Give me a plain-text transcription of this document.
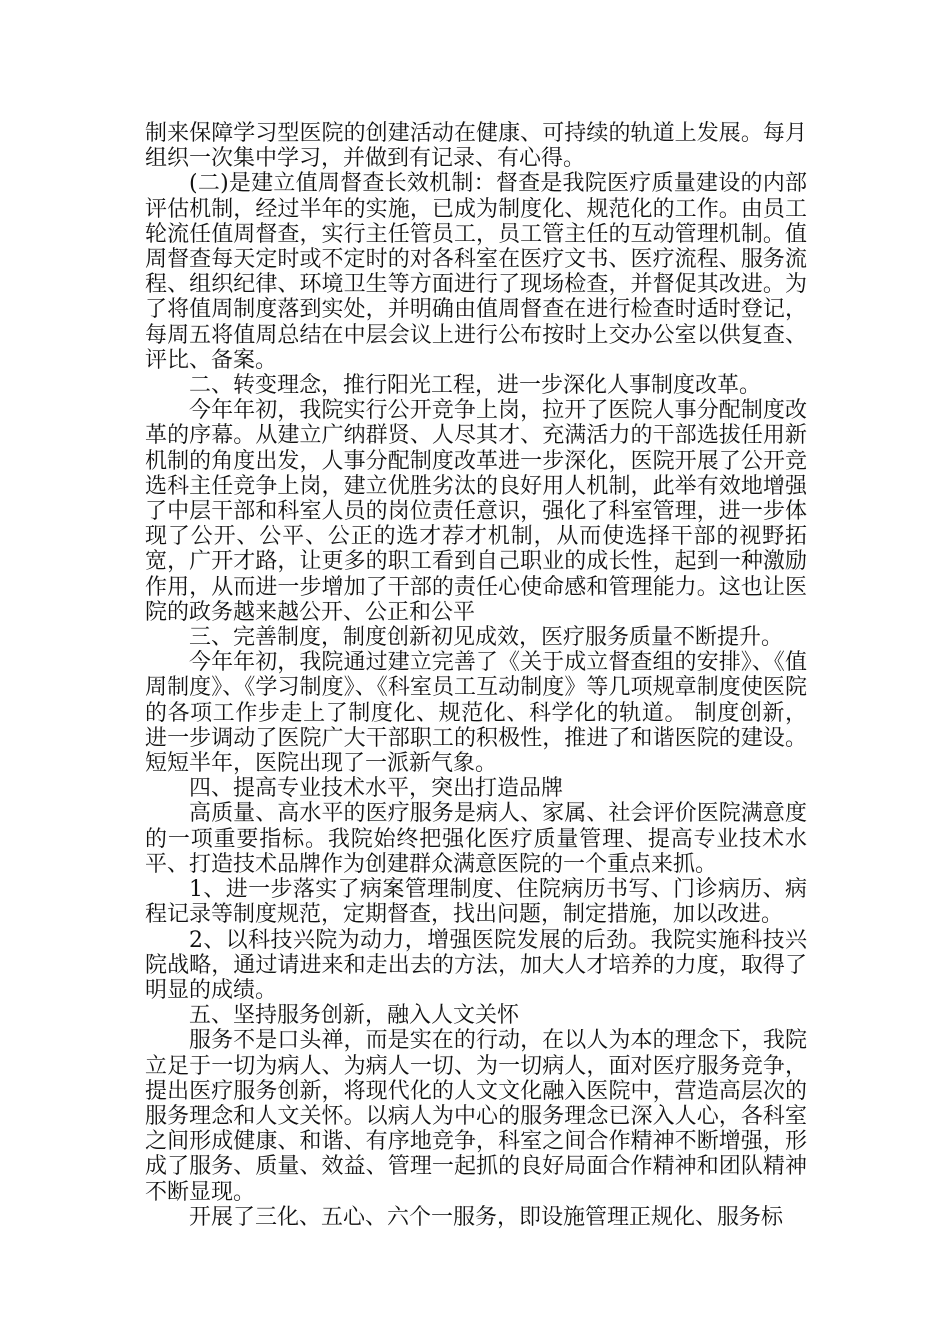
制来保障学习型医院的创建活动在健康、可持续的轨道上发展。每月组织一次集中学习，并做到有记录、有心得。

(二)是建立值周督查长效机制：督查是我院医疗质量建设的内部评估机制，经过半年的实施，已成为制度化、规范化的工作。由员工轮流任值周督查，实行主任管员工，员工管主任的互动管理机制。值周督查每天定时或不定时的对各科室在医疗文书、医疗流程、服务流程、组织纪律、环境卫生等方面进行了现场检查，并督促其改进。为了将值周制度落到实处，并明确由值周督查在进行检查时适时登记，每周五将值周总结在中层会议上进行公布按时上交办公室以供复查、评比、备案。

二、转变理念，推行阳光工程，进一步深化人事制度改革。

今年年初，我院实行公开竞争上岗，拉开了医院人事分配制度改革的序幕。从建立广纳群贤、人尽其才、充满活力的干部选拔任用新机制的角度出发，人事分配制度改革进一步深化，医院开展了公开竞选科主任竞争上岗，建立优胜劣汰的良好用人机制，此举有效地增强了中层干部和科室人员的岗位责任意识，强化了科室管理，进一步体现了公开、公平、公正的选才荐才机制，从而使选择干部的视野拓宽，广开才路，让更多的职工看到自己职业的成长性，起到一种激励作用，从而进一步增加了干部的责任心使命感和管理能力。这也让医院的政务越来越公开、公正和公平

三、完善制度，制度创新初见成效，医疗服务质量不断提升。

今年年初，我院通过建立完善了《关于成立督查组的安排》、《值周制度》、《学习制度》、《科室员工互动制度》等几项规章制度使医院的各项工作步走上了制度化、规范化、科学化的轨道。 制度创新，进一步调动了医院广大干部职工的积极性，推进了和谐医院的建设。短短半年，医院出现了一派新气象。

四、提高专业技术水平，突出打造品牌

高质量、高水平的医疗服务是病人、家属、社会评价医院满意度的一项重要指标。我院始终把强化医疗质量管理、提高专业技术水平、打造技术品牌作为创建群众满意医院的一个重点来抓。

1、进一步落实了病案管理制度、住院病历书写、门诊病历、病程记录等制度规范，定期督查，找出问题，制定措施，加以改进。

2、以科技兴院为动力，增强医院发展的后劲。我院实施科技兴院战略，通过请进来和走出去的方法，加大人才培养的力度，取得了明显的成绩。

五、坚持服务创新，融入人文关怀

服务不是口头禅，而是实在的行动，在以人为本的理念下，我院立足于一切为病人、为病人一切、为一切病人，面对医疗服务竞争，提出医疗服务创新，将现代化的人文文化融入医院中，营造高层次的服务理念和人文关怀。以病人为中心的服务理念已深入人心，各科室之间形成健康、和谐、有序地竞争，科室之间合作精神不断增强，形成了服务、质量、效益、管理一起抓的良好局面合作精神和团队精神不断显现。

开展了三化、五心、六个一服务，即设施管理正规化、服务标
